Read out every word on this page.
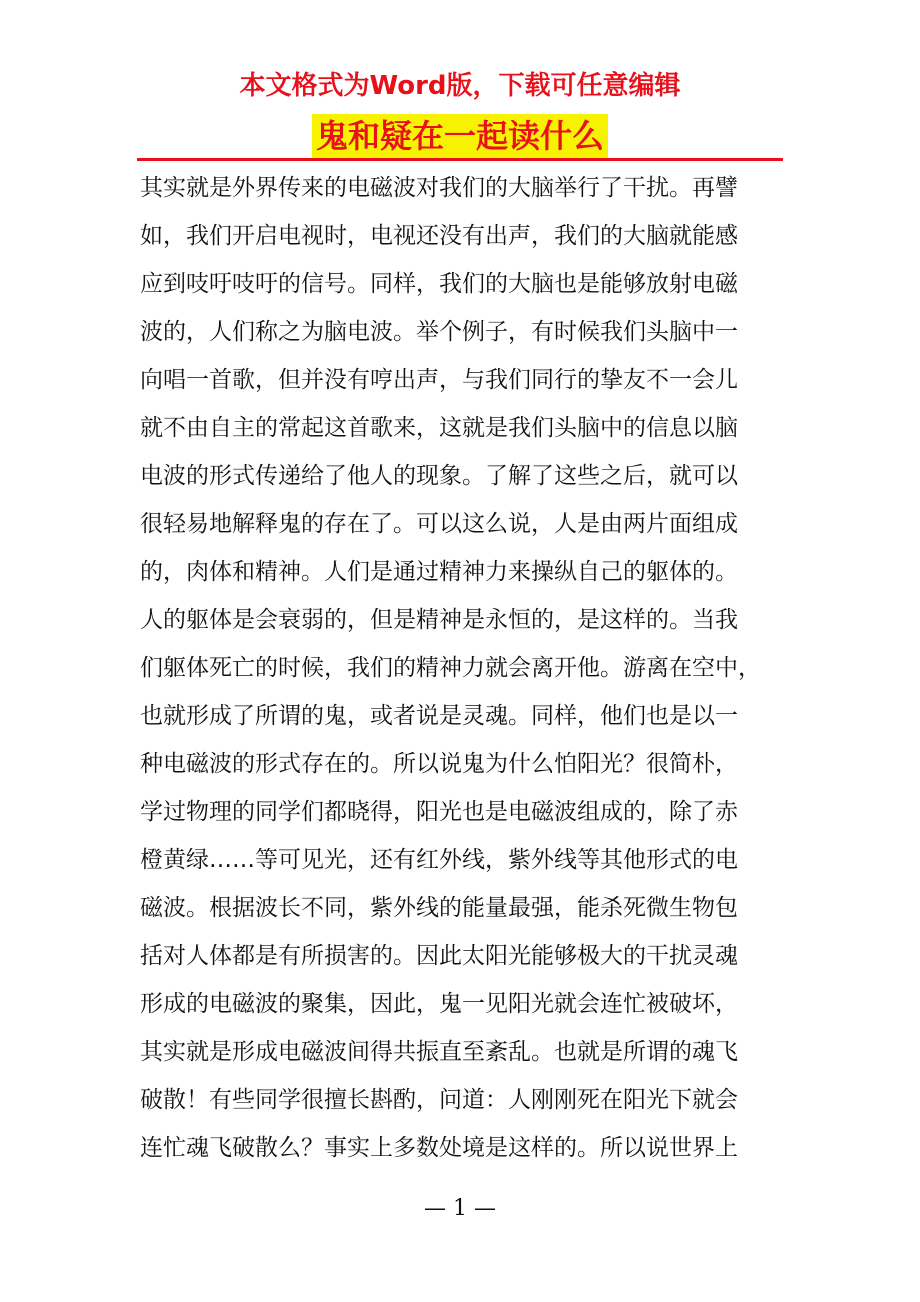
本文格式为Word版，下载可任意编辑
鬼和疑在一起读什么
其实就是外界传来的电磁波对我们的大脑举行了干扰。再譬
如，我们开启电视时，电视还没有出声，我们的大脑就能感
应到吱吁吱吁的信号。同样，我们的大脑也是能够放射电磁
波的，人们称之为脑电波。举个例子，有时候我们头脑中一
向唱一首歌，但并没有哼出声，与我们同行的挚友不一会儿
就不由自主的常起这首歌来，这就是我们头脑中的信息以脑
电波的形式传递给了他人的现象。了解了这些之后，就可以
很轻易地解释鬼的存在了。可以这么说，人是由两片面组成
的，肉体和精神。人们是通过精神力来操纵自己的躯体的。
人的躯体是会衰弱的，但是精神是永恒的，是这样的。当我
们躯体死亡的时候，我们的精神力就会离开他。游离在空中，
也就形成了所谓的鬼，或者说是灵魂。同样，他们也是以一
种电磁波的形式存在的。所以说鬼为什么怕阳光？很简朴，
学过物理的同学们都晓得，阳光也是电磁波组成的，除了赤
橙黄绿……等可见光，还有红外线，紫外线等其他形式的电
磁波。根据波长不同，紫外线的能量最强，能杀死微生物包
括对人体都是有所损害的。因此太阳光能够极大的干扰灵魂
形成的电磁波的聚集，因此，鬼一见阳光就会连忙被破坏，
其实就是形成电磁波间得共振直至紊乱。也就是所谓的魂飞
破散！有些同学很擅长斟酌，问道：人刚刚死在阳光下就会
连忙魂飞破散么？事实上多数处境是这样的。所以说世界上
— 1 —
